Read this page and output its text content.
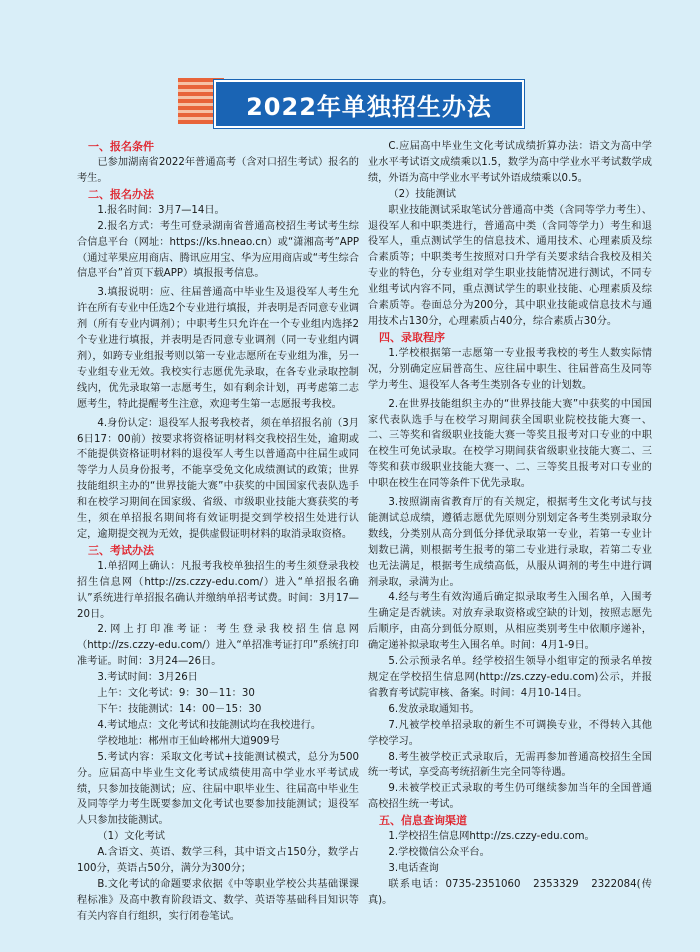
2022年单独招生办法
一、报名条件

已参加湖南省2022年普通高考（含对口招生考试）报名的考生。

二、报名办法

1.报名时间：3月7—14日。

2.报名方式：考生可登录湖南省普通高校招生考试考生综合信息平台（网址：https://ks.hneao.cn）或“潇湘高考”APP（通过苹果应用商店、腾讯应用宝、华为应用商店或“考生综合信息平台”首页下载APP）填报报考信息。

3.填报说明：应、往届普通高中毕业生及退役军人考生允许在所有专业中任选2个专业进行填报，并表明是否同意专业调剂（所有专业内调剂）；中职考生只允许在一个专业组内选择2个专业进行填报，并表明是否同意专业调剂（同一专业组内调剂），如跨专业组报考则以第一专业志愿所在专业组为准，另一专业组专业无效。我校实行志愿优先录取，在各专业录取控制线内，优先录取第一志愿考生，如有剩余计划，再考虑第二志愿考生，特此提醒考生注意，欢迎考生第一志愿报考我校。

4.身份认定：退役军人报考我校者，须在单招报名前（3月6日17：00前）按要求将资格证明材料交我校招生处，逾期或不能提供资格证明材料的退役军人考生以普通高中往届生或同等学力人员身份报考，不能享受免文化成绩测试的政策；世界技能组织主办的“世界技能大赛”中获奖的中国国家代表队选手和在校学习期间在国家级、省级、市级职业技能大赛获奖的考生，须在单招报名期间将有效证明提交到学校招生处进行认定，逾期提交视为无效，提供虚假证明材料的取消录取资格。

三、考试办法

1.单招网上确认：凡报考我校单独招生的考生须登录我校招生信息网（http://zs.czzy-edu.com/）进入“单招报名确认”系统进行单招报名确认并缴纳单招考试费。时间：3月17—20日。

2.网上打印准考证：考生登录我校招生信息网（http://zs.czzy-edu.com/）进入“单招准考证打印”系统打印准考证。时间：3月24—26日。

3.考试时间：3月26日

上午：文化考试：9：30－11：30

下午：技能测试：14：00－15：30

4.考试地点：文化考试和技能测试均在我校进行。

学校地址：郴州市王仙岭郴州大道909号

5.考试内容：采取文化考试+技能测试模式，总分为500分。应届高中毕业生文化考试成绩使用高中学业水平考试成绩，只参加技能测试；应、往届中职毕业生、往届高中毕业生及同等学力考生既要参加文化考试也要参加技能测试；退役军人只参加技能测试。

（1）文化考试

A.含语文、英语、数学三科，其中语文占150分，数学占100分，英语占50分，满分为300分；

B.文化考试的命题要求依据《中等职业学校公共基础课课程标准》及高中教育阶段语文、数学、英语等基础科目知识等有关内容自行组织，实行闭卷笔试。

C.应届高中毕业生文化考试成绩折算办法：语文为高中学业水平考试语文成绩乘以1.5，数学为高中学业水平考试数学成绩，外语为高中学业水平考试外语成绩乘以0.5。

（2）技能测试

职业技能测试采取笔试分普通高中类（含同等学力考生）、退役军人和中职类进行，普通高中类（含同等学力）考生和退役军人，重点测试学生的信息技术、通用技术、心理素质及综合素质等；中职类考生按照对口升学有关要求结合我校及相关专业的特色，分专业组对学生职业技能情况进行测试，不同专业组考试内容不同，重点测试学生的职业技能、心理素质及综合素质等。卷面总分为200分，其中职业技能或信息技术与通用技术占130分，心理素质占40分，综合素质占30分。

四、录取程序

1.学校根据第一志愿第一专业报考我校的考生人数实际情况，分别确定应届普高生、应往届中职生、往届普高生及同等学力考生、退役军人各考生类别各专业的计划数。

2.在世界技能组织主办的“世界技能大赛”中获奖的中国国家代表队选手与在校学习期间获全国职业院校技能大赛一、二、三等奖和省级职业技能大赛一等奖且报考对口专业的中职在校生可免试录取。在校学习期间获省级职业技能大赛二、三等奖和获市级职业技能大赛一、二、三等奖且报考对口专业的中职在校生在同等条件下优先录取。

3.按照湖南省教育厅的有关规定，根据考生文化考试与技能测试总成绩，遵循志愿优先原则分别划定各考生类别录取分数线，分类别从高分到低分择优录取第一专业，若第一专业计划数已满，则根据考生报考的第二专业进行录取，若第二专业也无法满足，根据考生成绩高低，从服从调剂的考生中进行调剂录取，录满为止。

4.经与考生有效沟通后确定拟录取考生入围名单，入围考生确定是否就读。对放弃录取资格或空缺的计划，按照志愿先后顺序，由高分到低分原则，从相应类别考生中依顺序递补，确定递补拟录取考生入围名单。时间：4月1-9日。

5.公示预录名单。经学校招生领导小组审定的预录名单按规定在学校招生信息网(http://zs.czzy-edu.com)公示，并报省教育考试院审核、备案。时间：4月10-14日。

6.发放录取通知书。

7.凡被学校单招录取的新生不可调换专业，不得转入其他学校学习。

8.考生被学校正式录取后，无需再参加普通高校招生全国统一考试，享受高考统招新生完全同等待遇。

9.未被学校正式录取的考生仍可继续参加当年的全国普通高校招生统一考试。

五、信息查询渠道

1.学校招生信息网http://zs.czzy-edu.com。

2.学校微信公众平台。

3.电话查询

联系电话：0735-2351060　2353329　2322084(传真)。
